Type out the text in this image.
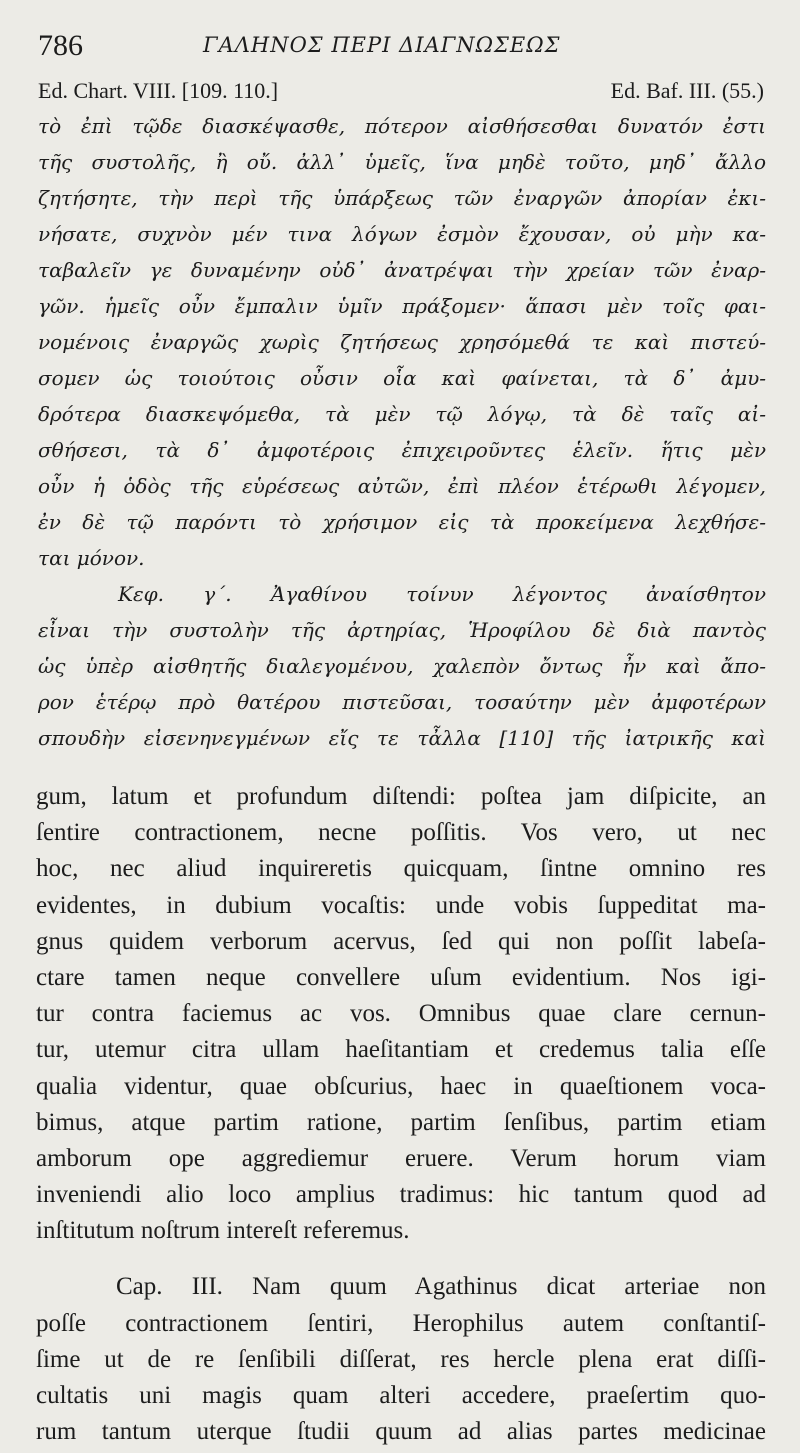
786	ΓΑΛΗΝΟΣ ΠΕΡΙ ΔΙΑΓΝΩΣΕΩΣ
Ed. Chart. VIII. [109. 110.]	Ed. Baf. III. (55.)
τὸ ἐπὶ τῷδε διασκέψασθε, πότερον αἰσθήσεσθαι δυνατόν ἐστι
τῆς συστολῆς, ἢ οὔ. ἀλλ᾽ ὑμεῖς, ἵνα μηδὲ τοῦτο, μηδ᾽ ἄλλο
ζητήσητε, τὴν περὶ τῆς ὑπάρξεως τῶν ἐναργῶν ἀπορίαν ἐκι-
νήσατε, συχνὸν μέν τινα λόγων ἐσμὸν ἔχουσαν, οὐ μὴν κα-
ταβαλεῖν γε δυναμένην οὐδ᾽ ἀνατρέψαι τὴν χρείαν τῶν ἐναρ-
γῶν. ἡμεῖς οὖν ἔμπαλιν ὑμῖν πράξομεν· ἅπασι μὲν τοῖς φαι-
νομένοις ἐναργῶς χωρὶς ζητήσεως χρησόμεθά τε καὶ πιστεύ-
σομεν ὡς τοιούτοις οὖσιν οἷα καὶ φαίνεται, τὰ δ᾽ ἀμυ-
δρότερα διασκεψόμεθα, τὰ μὲν τῷ λόγῳ, τὰ δὲ ταῖς αἰ-
σθήσεσι, τὰ δ᾽ ἀμφοτέροις ἐπιχειροῦντες ἑλεῖν. ἥτις μὲν
οὖν ἡ ὁδὸς τῆς εὑρέσεως αὐτῶν, ἐπὶ πλέον ἑτέρωθι λέγομεν,
ἐν δὲ τῷ παρόντι τὸ χρήσιμον εἰς τὰ προκείμενα λεχθήσε-
ται μόνον.
Κεφ. γ΄. Ἀγαθίνου τοίνυν λέγοντος ἀναίσθητον
εἶναι τὴν συστολὴν τῆς ἀρτηρίας, Ἡροφίλου δὲ διὰ παντὸς
ὡς ὑπὲρ αἰσθητῆς διαλεγομένου, χαλεπὸν ὄντως ἦν καὶ ἄπο-
ρον ἑτέρῳ πρὸ θατέρου πιστεῦσαι, τοσαύτην μὲν ἀμφοτέρων
σπουδὴν εἰσενηνεγμένων εἴς τε τἆλλα [110] τῆς ἰατρικῆς καὶ
gum, latum et profundum diſtendi: poſtea jam diſpicite, an
ſentire contractionem, necne poſſitis. Vos vero, ut nec
hoc, nec aliud inquireretis quicquam, ſintne omnino res
evidentes, in dubium vocaſtis: unde vobis ſuppeditat ma-
gnus quidem verborum acervus, ſed qui non poſſit labeſa-
ctare tamen neque convellere uſum evidentium. Nos igi-
tur contra faciemus ac vos. Omnibus quae clare cernun-
tur, utemur citra ullam haeſitantiam et credemus talia eſſe
qualia videntur, quae obſcurius, haec in quaeſtionem voca-
bimus, atque partim ratione, partim ſenſibus, partim etiam
amborum ope aggrediemur eruere. Verum horum viam
inveniendi alio loco amplius tradimus: hic tantum quod ad
inſtitutum noſtrum intereſt referemus.
Cap. III. Nam quum Agathinus dicat arteriae non
poſſe contractionem ſentiri, Herophilus autem conſtantiſ-
ſime ut de re ſenſibili diſſerat, res hercle plena erat diſſi-
cultatis uni magis quam alteri accedere, praeſertim quo-
rum tantum uterque ſtudii quum ad alias partes medicinae
